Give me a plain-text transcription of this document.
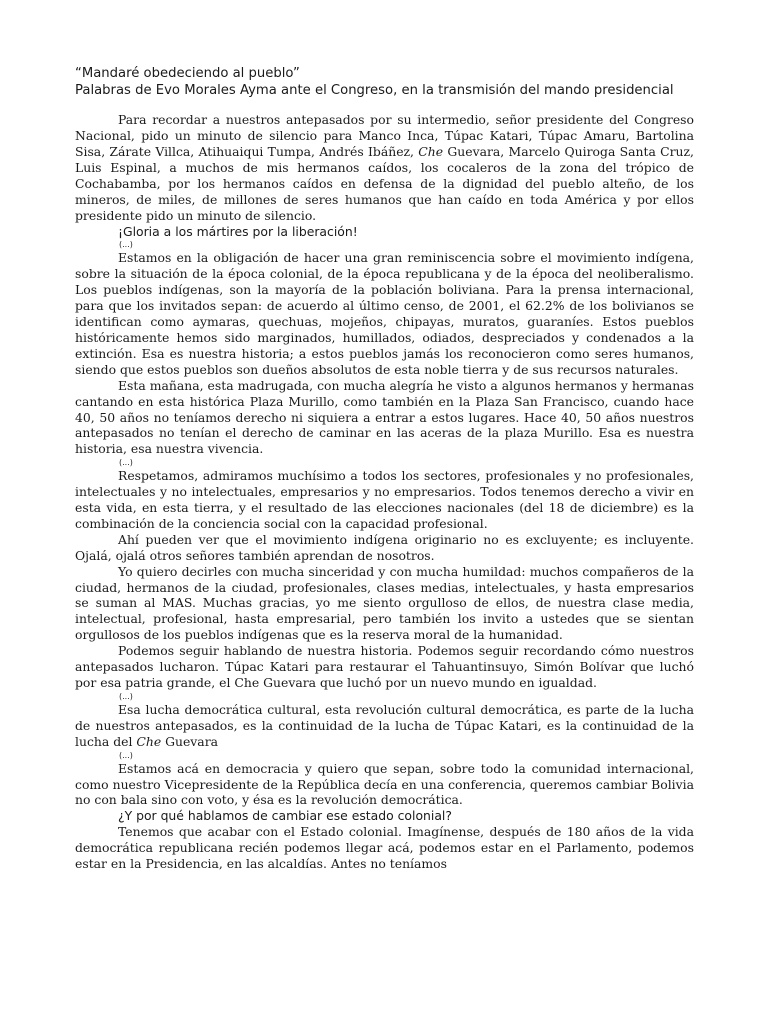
“Mandaré obedeciendo al pueblo”

Palabras de Evo Morales Ayma ante el Congreso, en la transmisión del mando presidencial

Para recordar a nuestros antepasados por su intermedio, señor presidente del Congreso Nacional, pido un minuto de silencio para Manco Inca, Túpac Katari, Túpac Amaru, Bartolina Sisa, Zárate Villca, Atihuaiqui Tumpa, Andrés Ibáñez, Che Guevara, Marcelo Quiroga Santa Cruz, Luis Espinal, a muchos de mis hermanos caídos, los cocaleros de la zona del trópico de Cochabamba, por los hermanos caídos en defensa de la dignidad del pueblo alteño, de los mineros, de miles, de millones de seres humanos que han caído en toda América y por ellos presidente pido un minuto de silencio.

¡Gloria a los mártires por la liberación!

(...)

Estamos en la obligación de hacer una gran reminiscencia sobre el movimiento indígena, sobre la situación de la época colonial, de la época republicana y de la época del neoliberalismo. Los pueblos indígenas, son la mayoría de la población boliviana. Para la prensa internacional, para que los invitados sepan: de acuerdo al último censo, de 2001, el 62.2% de los bolivianos se identifican como aymaras, quechuas, mojeños, chipayas, muratos, guaraníes. Estos pueblos históricamente hemos sido marginados, humillados, odiados, despreciados y condenados a la extinción. Esa es nuestra historia; a estos pueblos jamás los reconocieron como seres humanos, siendo que estos pueblos son dueños absolutos de esta noble tierra y de sus recursos naturales.

Esta mañana, esta madrugada, con mucha alegría he visto a algunos hermanos y hermanas cantando en esta histórica Plaza Murillo, como también en la Plaza San Francisco, cuando hace 40, 50 años no teníamos derecho ni siquiera a entrar a estos lugares. Hace 40, 50 años nuestros antepasados no tenían el derecho de caminar en las aceras de la plaza Murillo. Esa es nuestra historia, esa nuestra vivencia.

(...)

Respetamos, admiramos muchísimo a todos los sectores, profesionales y no profesionales, intelectuales y no intelectuales, empresarios y no empresarios. Todos tenemos derecho a vivir en esta vida, en esta tierra, y el resultado de las elecciones nacionales (del 18 de diciembre) es la combinación de la conciencia social con la capacidad profesional.

Ahí pueden ver que el movimiento indígena originario no es excluyente; es incluyente. Ojalá, ojalá otros señores también aprendan de nosotros.

Yo quiero decirles con mucha sinceridad y con mucha humildad: muchos compañeros de la ciudad, hermanos de la ciudad, profesionales, clases medias, intelectuales, y hasta empresarios se suman al MAS. Muchas gracias, yo me siento orgulloso de ellos, de nuestra clase media, intelectual, profesional, hasta empresarial, pero también los invito a ustedes que se sientan orgullosos de los pueblos indígenas que es la reserva moral de la humanidad.

Podemos seguir hablando de nuestra historia. Podemos seguir recordando cómo nuestros antepasados lucharon. Túpac Katari para restaurar el Tahuantinsuyo, Simón Bolívar que luchó por esa patria grande, el Che Guevara que luchó por un nuevo mundo en igualdad.

(...)

Esa lucha democrática cultural, esta revolución cultural democrática, es parte de la lucha de nuestros antepasados, es la continuidad de la lucha de Túpac Katari, es la continuidad de la lucha del Che Guevara

(...)

Estamos acá en democracia y quiero que sepan, sobre todo la comunidad internacional, como nuestro Vicepresidente de la República decía en una conferencia, queremos cambiar Bolivia no con bala sino con voto, y ésa es la revolución democrática.

¿Y por qué hablamos de cambiar ese estado colonial?

Tenemos que acabar con el Estado colonial. Imagínense, después de 180 años de la vida democrática republicana recién podemos llegar acá, podemos estar en el Parlamento, podemos estar en la Presidencia, en las alcaldías. Antes no teníamos
